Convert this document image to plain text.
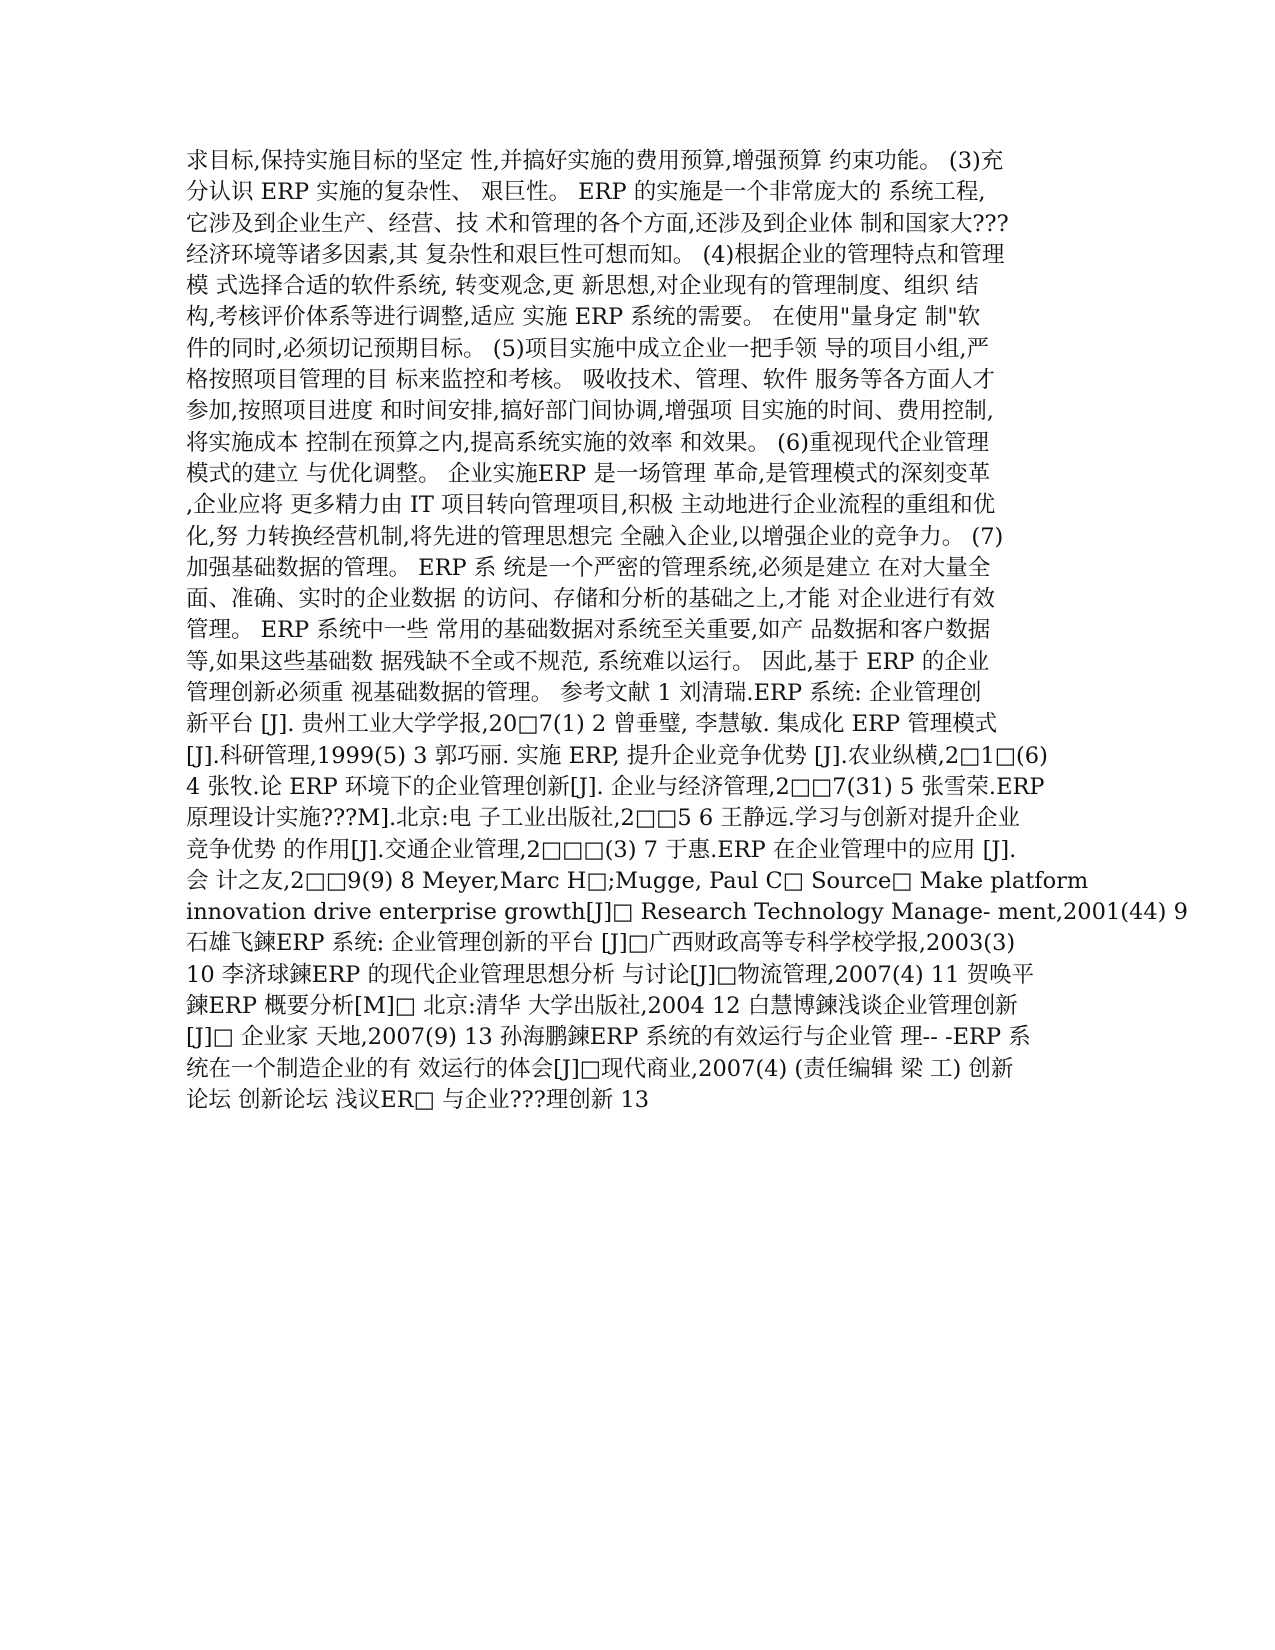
求目标,保持实施目标的坚定 性,并搞好实施的费用预算,增强预算 约束功能。 (3)充
分认识 ERP 实施的复杂性、 艰巨性。 ERP 的实施是一个非常庞大的 系统工程,
它涉及到企业生产、经营、技 术和管理的各个方面,还涉及到企业体 制和国家大???
经济环境等诸多因素,其 复杂性和艰巨性可想而知。 (4)根据企业的管理特点和管理
模 式选择合适的软件系统, 转变观念,更 新思想,对企业现有的管理制度、组织 结
构,考核评价体系等进行调整,适应 实施 ERP 系统的需要。 在使用"量身定 制"软
件的同时,必须切记预期目标。 (5)项目实施中成立企业一把手领 导的项目小组,严
格按照项目管理的目 标来监控和考核。 吸收技术、管理、软件 服务等各方面人才
参加,按照项目进度 和时间安排,搞好部门间协调,增强项 目实施的时间、费用控制,
将实施成本 控制在预算之内,提高系统实施的效率 和效果。 (6)重视现代企业管理
模式的建立 与优化调整。 企业实施ERP 是一场管理 革命,是管理模式的深刻变革
,企业应将 更多精力由 IT 项目转向管理项目,积极 主动地进行企业流程的重组和优
化,努 力转换经营机制,将先进的管理思想完 全融入企业,以增强企业的竞争力。 (7)
加强基础数据的管理。 ERP 系 统是一个严密的管理系统,必须是建立 在对大量全
面、准确、实时的企业数据 的访问、存储和分析的基础之上,才能 对企业进行有效
管理。 ERP 系统中一些 常用的基础数据对系统至关重要,如产 品数据和客户数据
等,如果这些基础数 据残缺不全或不规范, 系统难以运行。 因此,基于 ERP 的企业
管理创新必须重 视基础数据的管理。 参考文献 1 刘清瑞.ERP 系统: 企业管理创
新平台 [J]. 贵州工业大学学报,20□7(1) 2 曾垂璧, 李慧敏. 集成化 ERP 管理模式
[J].科研管理,1999(5) 3 郭巧丽. 实施 ERP, 提升企业竞争优势 [J].农业纵横,2□1□(6)
4 张牧.论 ERP 环境下的企业管理创新[J]. 企业与经济管理,2□□7(31) 5 张雪荣.ERP
原理设计实施???M].北京:电 子工业出版社,2□□5 6 王静远.学习与创新对提升企业
竞争优势 的作用[J].交通企业管理,2□□□(3) 7 于惠.ERP 在企业管理中的应用 [J].
会 计之友,2□□9(9) 8 Meyer,Marc H□;Mugge, Paul C□ Source□ Make platform
innovation drive enterprise growth[J]□ Research Technology Manage- ment,2001(44) 9
石雄飞鍊ERP 系统: 企业管理创新的平台 [J]□广西财政高等专科学校学报,2003(3)
10 李济球鍊ERP 的现代企业管理思想分析 与讨论[J]□物流管理,2007(4) 11 贺唤平
鍊ERP 概要分析[M]□ 北京:清华 大学出版社,2004 12 白慧博鍊浅谈企业管理创新
[J]□ 企业家 天地,2007(9) 13 孙海鹏鍊ERP 系统的有效运行与企业管 理-- -ERP 系
统在一个制造企业的有 效运行的体会[J]□现代商业,2007(4) (责任编辑 梁 工) 创新
论坛 创新论坛 浅议ER□ 与企业???理创新 13
